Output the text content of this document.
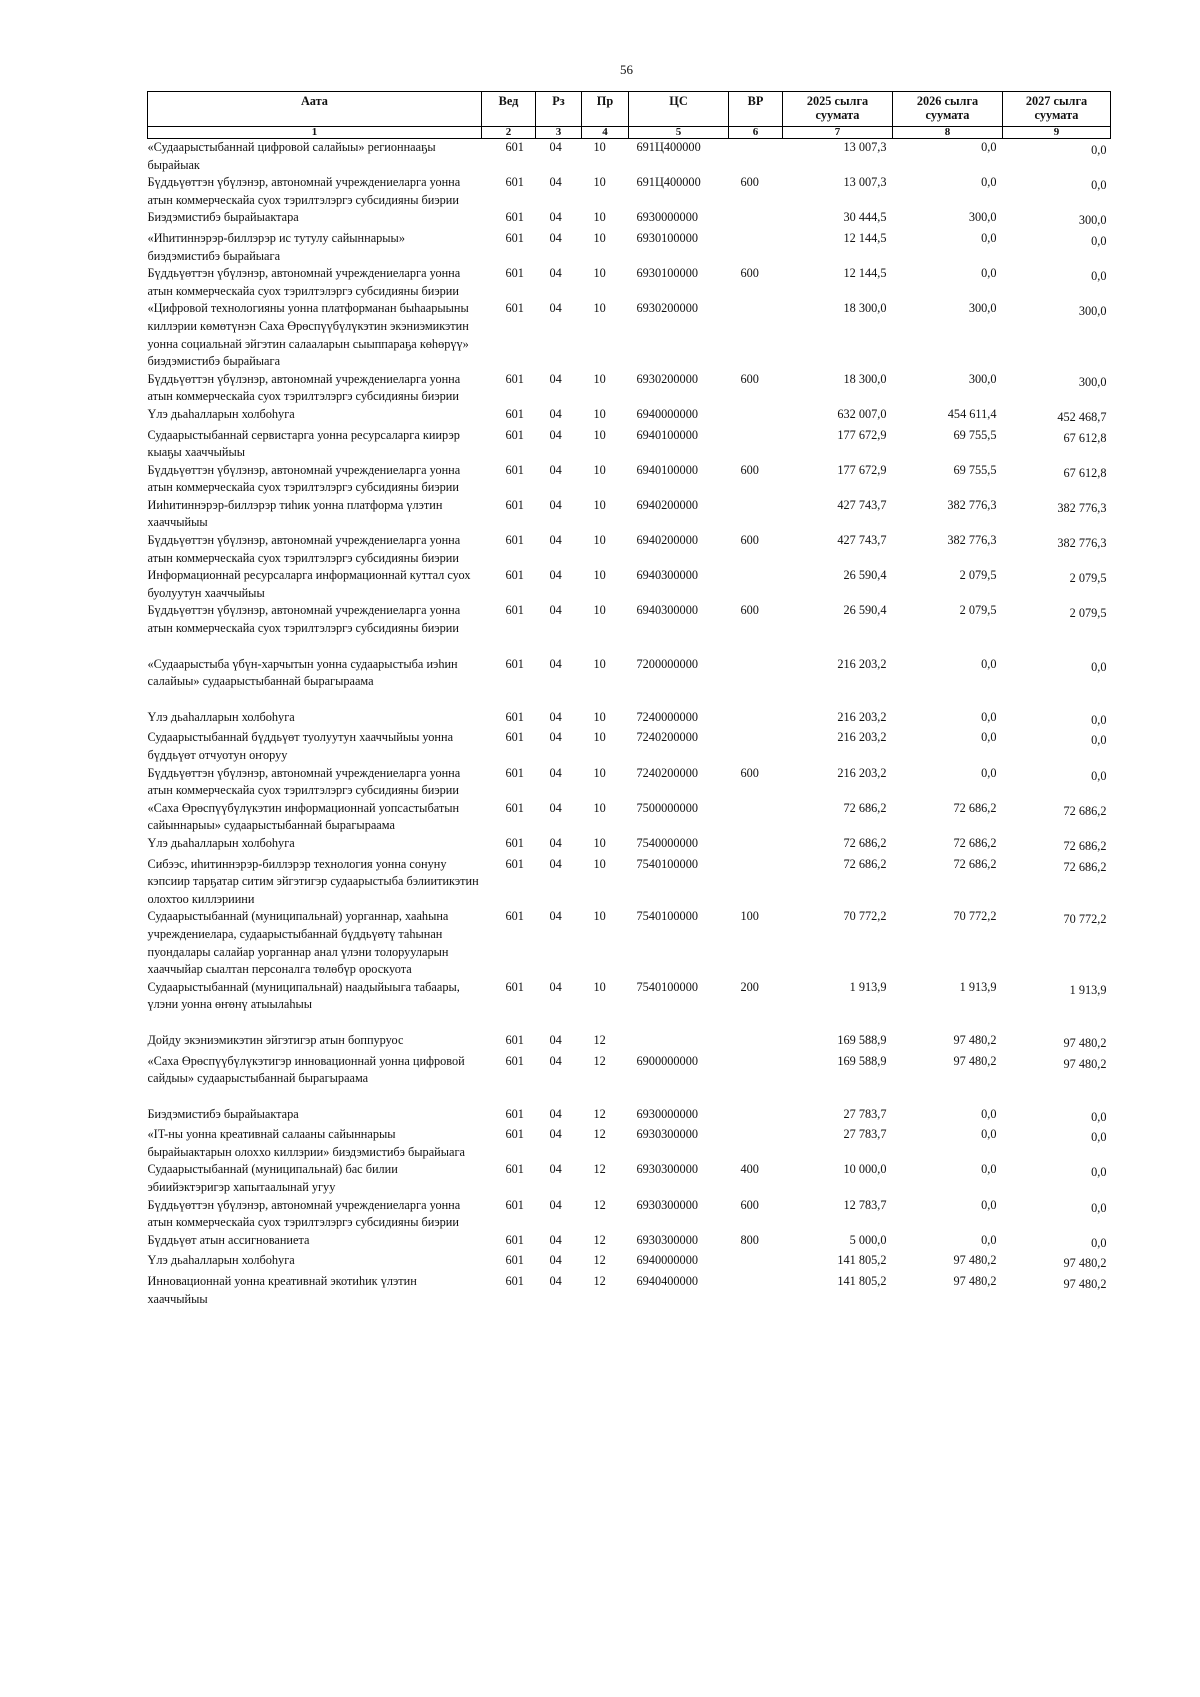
56
Аата	Вед	Рз	Пр	ЦС	ВР	2025 сылга суумата	2026 сылга суумата	2027 сылга суумата
1	2	3	4	5	6	7	8	9
«Судаарыстыбаннай цифровой салайыы» регионнааҕы бырайыак	601	04	10	691Ц400000		13 007,3	0,0	0,0
Бүддьүөттэн үбүлэнэр, автономнай учреждениеларга уонна атын коммерческайа суох тэрилтэлэргэ субсидияны биэрии	601	04	10	691Ц400000	600	13 007,3	0,0	0,0
Биэдэмистибэ бырайыактара	601	04	10	6930000000		30 444,5	300,0	300,0
«Иһитиннэрэр-биллэрэр ис тутулу сайыннарыы» биэдэмистибэ бырайыага	601	04	10	6930100000		12 144,5	0,0	0,0
Бүддьүөттэн үбүлэнэр, автономнай учреждениеларга уонна атын коммерческайа суох тэрилтэлэргэ субсидияны биэрии	601	04	10	6930100000	600	12 144,5	0,0	0,0
«Цифровой технологияны уонна платформанан быһаарыыны киллэрии көмөтүнэн Саха Өрөспүүбүлүкэтин экэниэмикэтин уонна социальнай эйгэтин салааларын сыыппараҕа көһөрүү» биэдэмистибэ бырайыага	601	04	10	6930200000		18 300,0	300,0	300,0
Бүддьүөттэн үбүлэнэр, автономнай учреждениеларга уонна атын коммерческайа суох тэрилтэлэргэ субсидияны биэрии	601	04	10	6930200000	600	18 300,0	300,0	300,0
Үлэ дьаһалларын холбоһуга	601	04	10	6940000000		632 007,0	454 611,4	452 468,7
Судаарыстыбаннай сервистарга уонна ресурсаларга киирэр кыаҕы хааччыйыы	601	04	10	6940100000		177 672,9	69 755,5	67 612,8
Бүддьүөттэн үбүлэнэр, автономнай учреждениеларга уонна атын коммерческайа суох тэрилтэлэргэ субсидияны биэрии	601	04	10	6940100000	600	177 672,9	69 755,5	67 612,8
Ииһитиннэрэр-биллэрэр тиһик уонна платформа үлэтин хааччыйыы	601	04	10	6940200000		427 743,7	382 776,3	382 776,3
Бүддьүөттэн үбүлэнэр, автономнай учреждениеларга уонна атын коммерческайа суох тэрилтэлэргэ субсидияны биэрии	601	04	10	6940200000	600	427 743,7	382 776,3	382 776,3
Информационнай ресурсаларга информационнай куттал суох буолуутун хааччыйыы	601	04	10	6940300000		26 590,4	2 079,5	2 079,5
Бүддьүөттэн үбүлэнэр, автономнай учреждениеларга уонна атын коммерческайа суох тэрилтэлэргэ субсидияны биэрии	601	04	10	6940300000	600	26 590,4	2 079,5	2 079,5
«Судаарыстыба үбүн-харчытын уонна судаарыстыба иэһин салайыы» судаарыстыбаннай бырагыраама	601	04	10	7200000000		216 203,2	0,0	0,0
Үлэ дьаһалларын холбоһуга	601	04	10	7240000000		216 203,2	0,0	0,0
Судаарыстыбаннай бүддьүөт туолуутун хааччыйыы уонна бүддьүөт отчуотун оҥоруу	601	04	10	7240200000		216 203,2	0,0	0,0
Бүддьүөттэн үбүлэнэр, автономнай учреждениеларга уонна атын коммерческайа суох тэрилтэлэргэ субсидияны биэрии	601	04	10	7240200000	600	216 203,2	0,0	0,0
«Саха Өрөспүүбүлүкэтин информационнай уопсастыбатын сайыннарыы» судаарыстыбаннай бырагыраама	601	04	10	7500000000		72 686,2	72 686,2	72 686,2
Үлэ дьаһалларын холбоһуга	601	04	10	7540000000		72 686,2	72 686,2	72 686,2
Сибээс, иһитиннэрэр-биллэрэр технология уонна сонуну кэпсиир тарҕатар ситим эйгэтигэр судаарыстыба бэлиитикэтин олохтоо киллэриини	601	04	10	7540100000		72 686,2	72 686,2	72 686,2
Судаарыстыбаннай (муниципальнай) уорганнар, хааһына учреждениелара, судаарыстыбаннай бүддьүөтү таһынан пуондалары салайар уорганнар анал үлэни толорууларын хааччыйар сыалтан персоналга төлөбүр ороскуота	601	04	10	7540100000	100	70 772,2	70 772,2	70 772,2
Судаарыстыбаннай (муниципальнай) наадыйыыга табаары, үлэни уонна өҥөнү атыылаһыы	601	04	10	7540100000	200	1 913,9	1 913,9	1 913,9
Дойду экэниэмикэтин эйгэтигэр атын боппуруос	601	04	12			169 588,9	97 480,2	97 480,2
«Саха Өрөспүүбүлүкэтигэр инновационнай уонна цифровой сайдыы» судаарыстыбаннай бырагыраама	601	04	12	6900000000		169 588,9	97 480,2	97 480,2
Биэдэмистибэ бырайыактара	601	04	12	6930000000		27 783,7	0,0	0,0
«IT-ны уонна креативнай салааны сайыннарыы бырайыактарын олоххо киллэрии» биэдэмистибэ бырайыага	601	04	12	6930300000		27 783,7	0,0	0,0
Судаарыстыбаннай (муниципальнай) бас билии эбиийэктэригэр хапытаалынай угуу	601	04	12	6930300000	400	10 000,0	0,0	0,0
Бүддьүөттэн үбүлэнэр, автономнай учреждениеларга уонна атын коммерческайа суох тэрилтэлэргэ субсидияны биэрии	601	04	12	6930300000	600	12 783,7	0,0	0,0
Бүддьүөт атын ассигнованиета	601	04	12	6930300000	800	5 000,0	0,0	0,0
Үлэ дьаһалларын холбоһуга	601	04	12	6940000000		141 805,2	97 480,2	97 480,2
Инновационнай уонна креативнай экотиһик үлэтин хааччыйыы	601	04	12	6940400000		141 805,2	97 480,2	97 480,2
